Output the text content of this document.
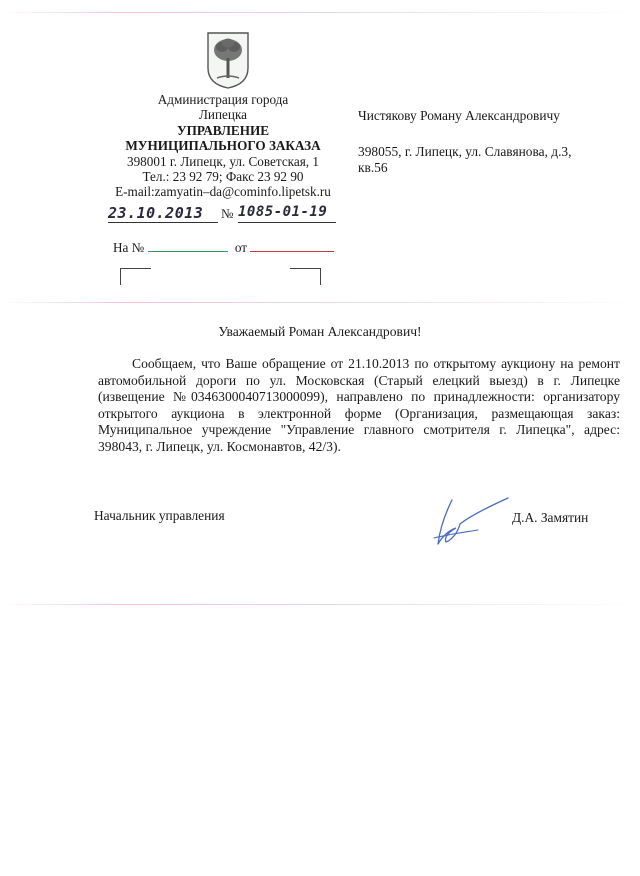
Администрация города
Липецка
УПРАВЛЕНИЕ
МУНИЦИПАЛЬНОГО ЗАКАЗА
398001 г. Липецк, ул. Советская, 1
Тел.: 23 92 79; Факс 23 92 90
E-mail:zamyatin–da@cominfo.lipetsk.ru
23.10.2013 № 1085-01-19
На №	от
Чистякову Роману Александровичу
398055, г. Липецк, ул. Славянова, д.3,
кв.56
Уважаемый Роман Александрович!
Сообщаем, что Ваше обращение от 21.10.2013 по открытому аукциону на ремонт автомобильной дороги по ул. Московская (Старый елецкий выезд) в г. Липецке (извещение №0346300040713000099), направлено по принадлежности: организатору открытого аукциона в электронной форме (Организация, размещающая заказ: Муниципальное учреждение "Управление главного смотрителя г. Липецка", адрес: 398043, г. Липецк, ул. Космонавтов, 42/3).
Начальник управления	Д.А. Замятин
